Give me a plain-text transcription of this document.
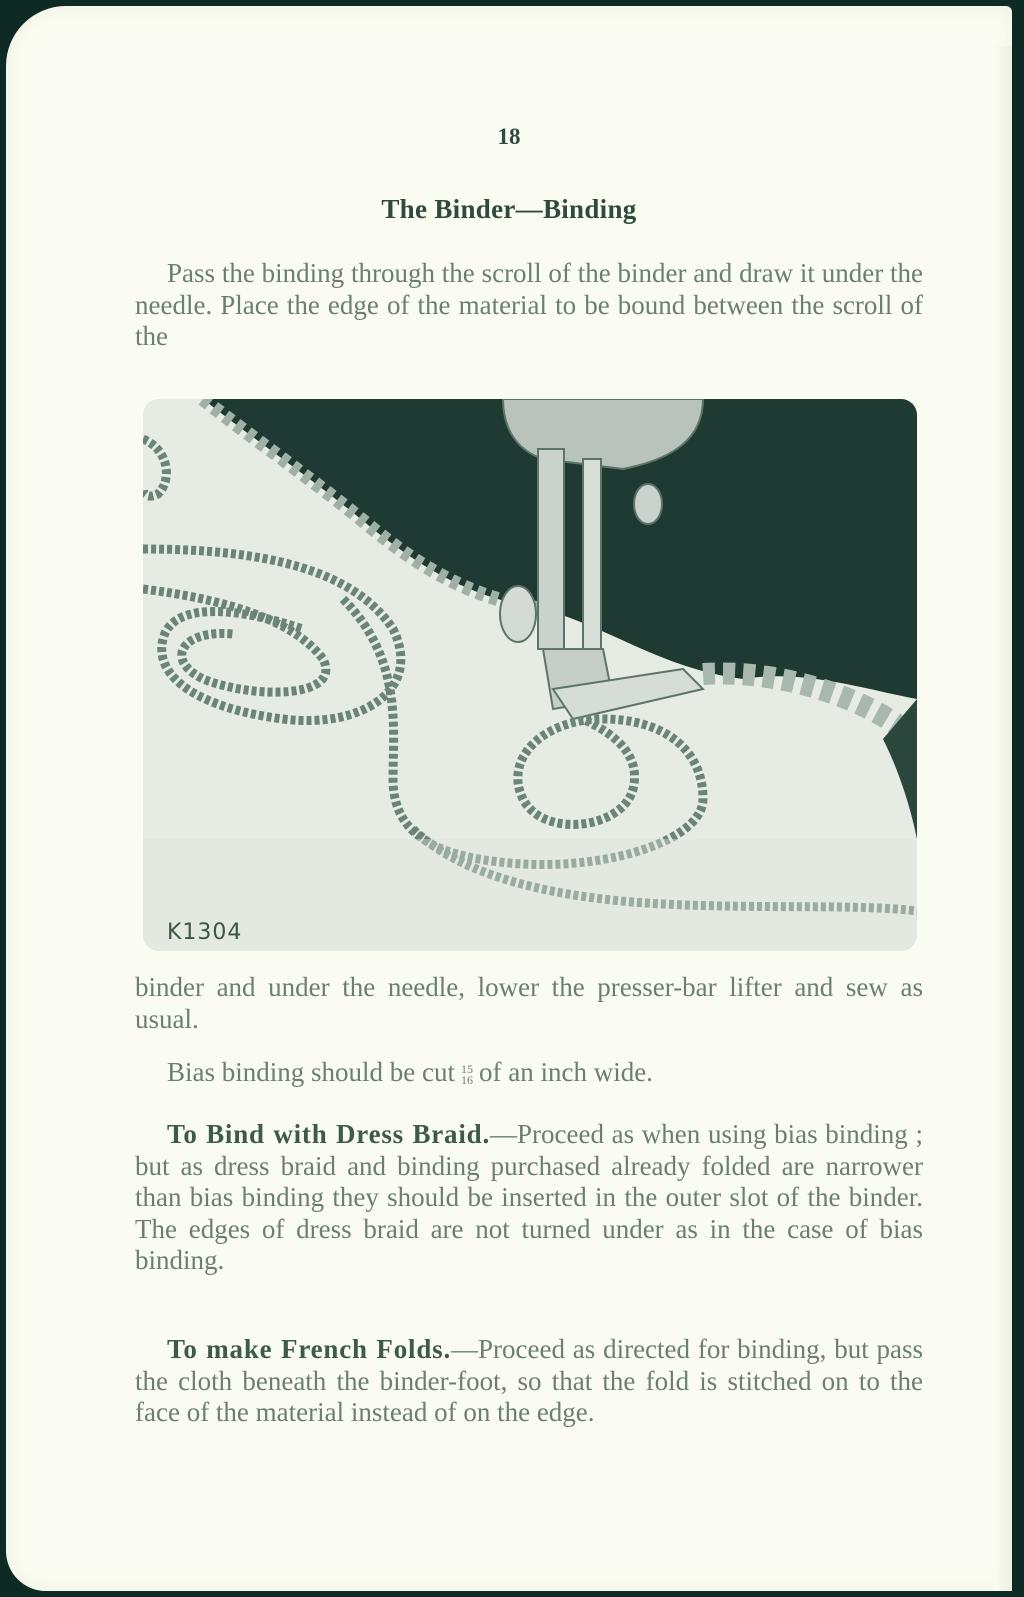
18
The Binder—Binding
Pass the binding through the scroll of the binder and draw it under the needle. Place the edge of the material to be bound between the scroll of the
K1304
binder and under the needle, lower the presser-bar lifter and sew as usual.
Bias binding should be cut 15
16 of an inch wide.
To Bind with Dress Braid.—Proceed as when using bias binding ; but as dress braid and binding purchased already folded are narrower than bias binding they should be inserted in the outer slot of the binder. The edges of dress braid are not turned under as in the case of bias binding.
To make French Folds.—Proceed as directed for binding, but pass the cloth beneath the binder-foot, so that the fold is stitched on to the face of the material instead of on the edge.
